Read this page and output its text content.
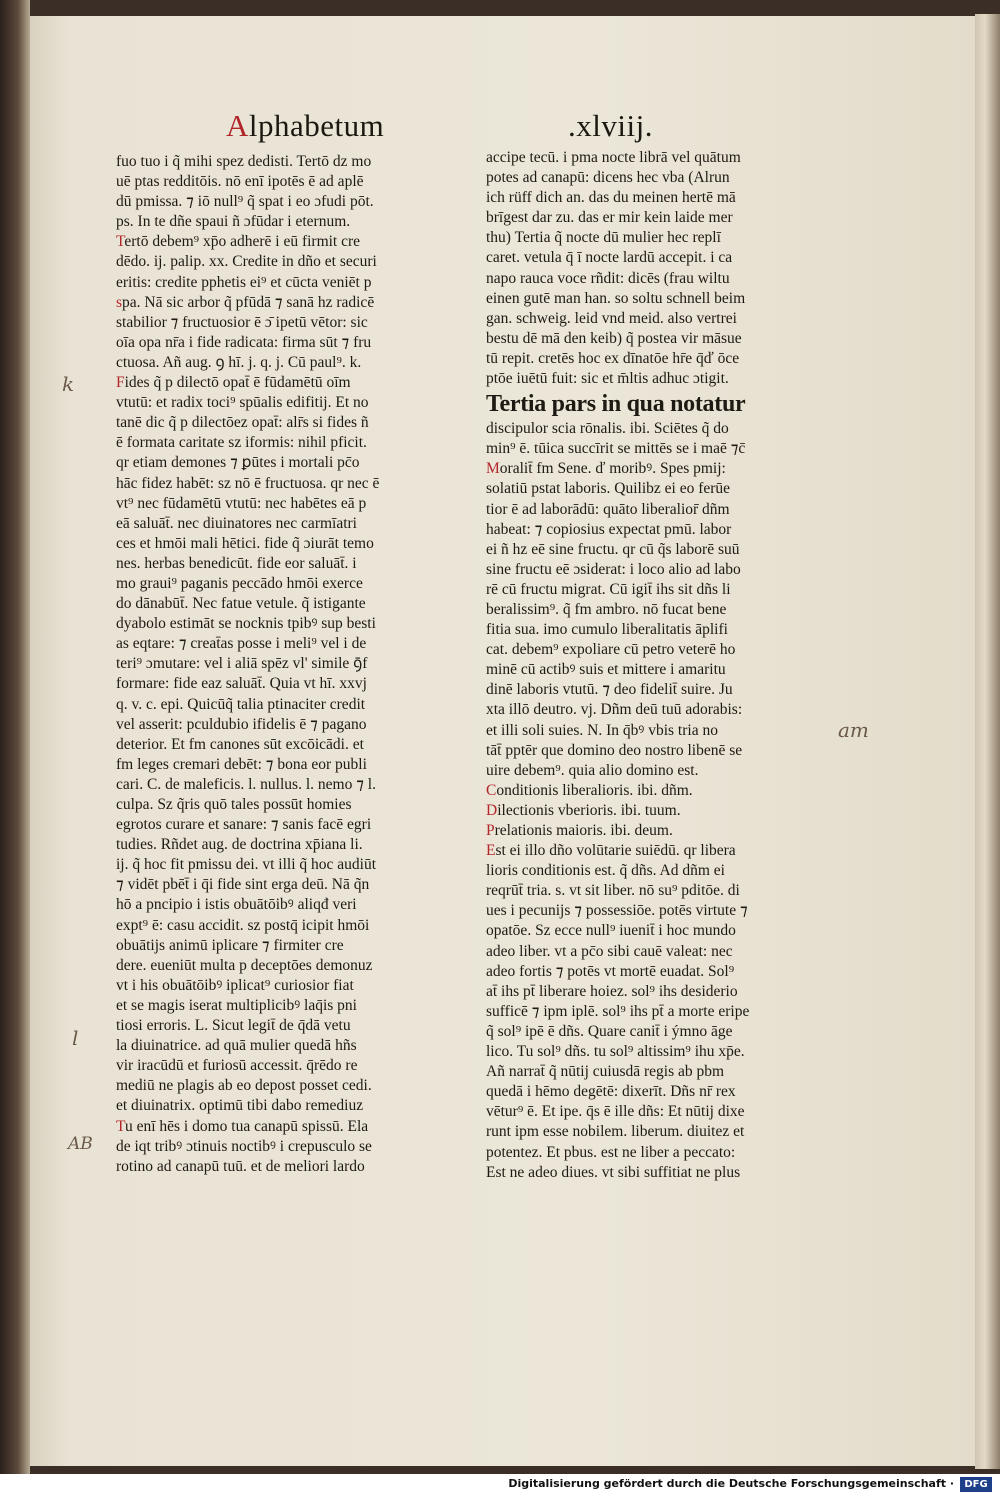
Alphabetum	.xlviij.
k
l
AB
am
fuo tuo i q̃ mihi spez dedisti. Tertō dz mo
uē ptas redditōis. nō enī ipotēs ē ad aplē
dū pmissa. ⁊ iō null⁹ q̃ spat i eo ɔfudi pōt.
ps. In te dñe spaui ñ ɔfūdar i eternum.
Tertō debem⁹ xp̄o adherē i eū firmit cre
dēdo. ij. palip. xx. Credite in dño et securi
eritis: credite pphetis ei⁹ et cūcta veniēt p
spa. Nā sic arbor q̃ pfūdā ⁊ sanā hz radicē
stabilior ⁊ fructuosior ē ɔ̄ ipetū vētor: sic
oīa opa nr̄a i fide radicata: firma sūt ⁊ fru
ctuosa. Añ aug. ꝯ hī. j. q. j. Cū paul⁹. k.
Fides q̃ p dilectō opat̄ ē fūdamētū oīm
vtutū: et radix toci⁹ spūalis edifitij. Et no
tanē dic q̃ p dilectōez opat̄: alr̄s si fides ñ
ē formata caritate sz iformis: nihil pficit.
qr etiam demones ⁊ ꝑūtes i mortali pc̄o
hāc fidez habēt: sz nō ē fructuosa. qr nec ē
vt⁹ nec fūdamētū vtutū: nec habētes eā p
eā saluāt̄. nec diuinatores nec carmīatri
ces et hmōi mali hētici. fide q̃ ɔiurāt temo
nes. herbas benedicūt. fide eor saluāt̄. i
mo graui⁹ paganis peccādo hmōi exerce
do dānabūt̄. Nec fatue vetule. q̃ istigante
dyabolo estimāt se nocknis tpibꝰ sup besti
as eqtare: ⁊ creat̄as posse i meli⁹ vel i de
teri⁹ ɔmutare: vel i aliā spēz vl' simile ꝯ̄f
formare: fide eaz saluāt̄. Quia vt hī. xxvj
q. v. c. epi. Quicūq̃ talia ptinaciter credit
vel asserit: pculdubio ifidelis ē ⁊ pagano
deterior. Et fm canones sūt excōicādi. et
fm leges cremari debēt: ⁊ bona eor publi
cari. C. de maleficis. l. nullus. l. nemo ⁊ l.
culpa. Sz q̃ris quō tales possūt homies
egrotos curare et sanare: ⁊ sanis facē egri
tudies. Rñdet aug. de doctrina xp̄iana li.
ij. q̃ hoc fit pmissu dei. vt illi q̃ hoc audiūt
⁊ vidēt pbēt̄ i q̄i fide sint erga deū. Nā q̃n
hō a pncipio i istis obuātōibꝰ aliqđ veri
expt⁹ ē: casu accidit. sz postq̄ icipit hmōi
obuātijs animū iplicare ⁊ firmiter cre
dere. eueniūt multa p deceptōes demonuz
vt i his obuātōibꝰ iplicat⁹ curiosior fiat
et se magis iserat multiplicibꝰ laq̄is pni
tiosi erroris. L. Sicut legit̄ de q̄dā vetu
la diuinatrice. ad quā mulier quedā hñs
vir iracūdū et furiosū accessit. q̄rēdo re
mediū ne plagis ab eo depost posset cedi.
et diuinatrix. optimū tibi dabo remediuz
Tu enī hēs i domo tua canapū spissū. Ela
de iqt tribꝰ ɔtinuis noctibꝰ i crepusculo se
rotino ad canapū tuū. et de meliori lardo
accipe tecū. i pma nocte librā vel quātum
potes ad canapū: dicens hec vba (Alrun
ich rüff dich an. das du meinen hertē mā
brīgest dar zu. das er mir kein laide mer
thu) Tertia q̃ nocte dū mulier hec replī
caret. vetula q̄ ī nocte lardū accepit. i ca
napo rauca voce rñdit: dicēs (frau wiltu
einen gutē man han. so soltu schnell beim
gan. schweig. leid vnd meid. also vertrei
bestu dē mā den keib) q̃ postea vir māsue
tū repit. cretēs hoc ex dīnatōe hr̄e q̄ď ōce
ptōe iuētū fuit: sic et m̄ltis adhuc ɔtigit.
Tertia pars in qua notatur
discipulor scia rōnalis. ibi. Sciētes q̃ do
min⁹ ē. tūica succīrit se mittēs se i maē ⁊c̄
Moralit̄ fm Sene. ď moribꝰ. Spes pmij:
solatiū pstat laboris. Quilibz ei eo ferūe
tior ē ad laborādū: quāto liberalior̄ dñm
habeat: ⁊ copiosius expectat pmū. labor
ei ñ hz eē sine fructu. qr cū q̃s laborē suū
sine fructu eē ɔsiderat: i loco alio ad labo
rē cū fructu migrat. Cū igit̄ ihs sit dñs li
beralissim⁹. q̃ fm ambro. nō fucat bene
fitia sua. imo cumulo liberalitatis āplifi
cat. debem⁹ expoliare cū petro veterē ho
minē cū actibꝰ suis et mittere i amaritu
dinē laboris vtutū. ⁊ deo fidelit̄ suire. Ju
xta illō deutro. vj. Dñm deū tuū adorabis:
et illi soli suies. N. In q̄bꝰ vbis tria no
tāt̄ pptēr que domino deo nostro libenē se
uire debem⁹. quia alio domino est.
Conditionis liberalioris. ibi. dñm.
Dilectionis vberioris. ibi. tuum.
Prelationis maioris. ibi. deum.
Est ei illo dño volūtarie suiēdū. qr libera
lioris conditionis est. q̃ dñs. Ad dñm ei
reqrūt̄ tria. s. vt sit liber. nō su⁹ pditōe. di
ues i pecunijs ⁊ possessiōe. potēs virtute ⁊
opatōe. Sz ecce null⁹ iuenit̄ i hoc mundo
adeo liber. vt a pc̄o sibi cauē valeat: nec
adeo fortis ⁊ potēs vt mortē euadat. Sol⁹
at̄ ihs pt̄ liberare hoiez. sol⁹ ihs desiderio
sufficē ⁊ ipm iplē. sol⁹ ihs pt̄ a morte eripe
q̃ sol⁹ ipē ē dñs. Quare canit̄ i ýmno āge
lico. Tu sol⁹ dñs. tu sol⁹ altissim⁹ ihu xp̄e.
Añ narrat̄ q̃ nūtij cuiusdā regis ab pbm
quedā i hēmo degētē: dixerīt. Dñs nr̄ rex
vētur⁹ ē. Et ipe. q̄s ē ille dñs: Et nūtij dixe
runt ipm esse nobilem. liberum. diuitez et
potentez. Et pbus. est ne liber a peccato:
Est ne adeo diues. vt sibi suffitiat ne plus
Digitalisierung gefördert durch die Deutsche Forschungsgemeinschaft ·	DFG
